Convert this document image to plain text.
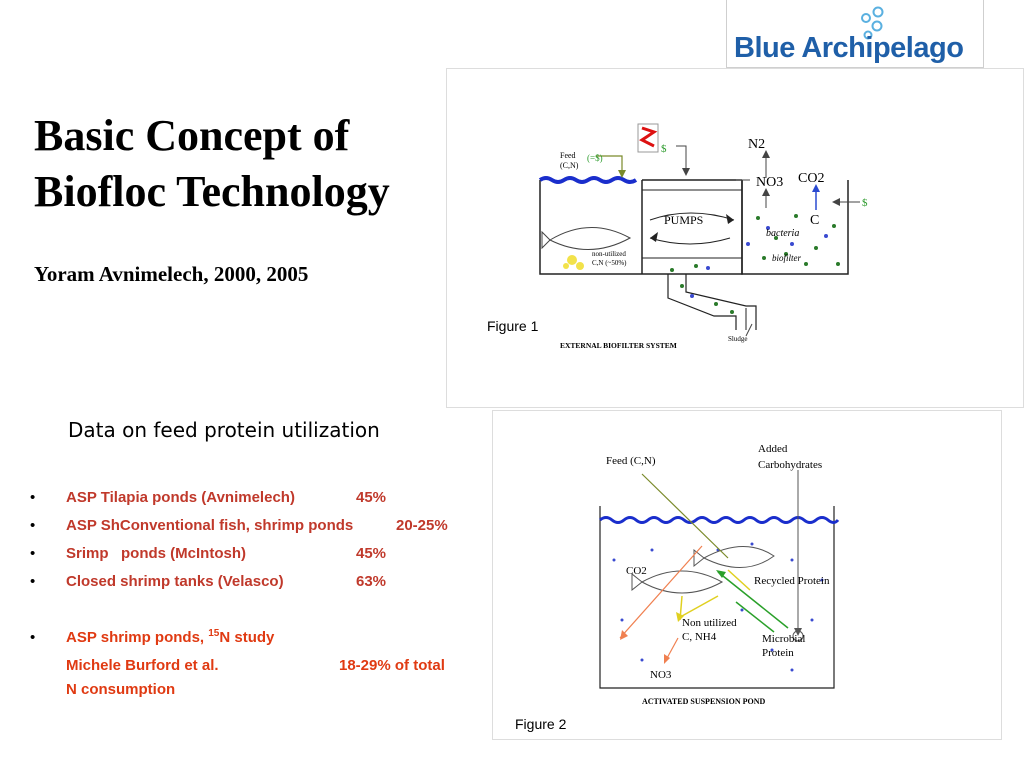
Blue Archipelago
Basic Concept of
Biofloc Technology
Yoram Avnimelech, 2000, 2005
Feed
(C,N)
(=$)
$	N2
NO3 CO2
C
$
PUMPS
bacteria
biofilter
non-utilized
C,N (~50%)
Sludge
EXTERNAL BIOFILTER SYSTEM
Figure 1
Feed (C,N)
Added
Carbohydrates
CO2
Recycled Protein
Non utilized
C, NH4	Microbial
Protein
NO3
ACTIVATED SUSPENSION POND
Figure 2
Data on feed protein utilization
• ASP Tilapia ponds (Avnimelech)	45%
• ASP ShConventional fish, shrimp ponds	20-25%
• Srimp   ponds (McIntosh)	45%
• Closed shrimp tanks (Velasco)	63%
• ASP shrimp ponds, $^{15}$N study
Michele Burford et al.	18-29% of total
N consumption
